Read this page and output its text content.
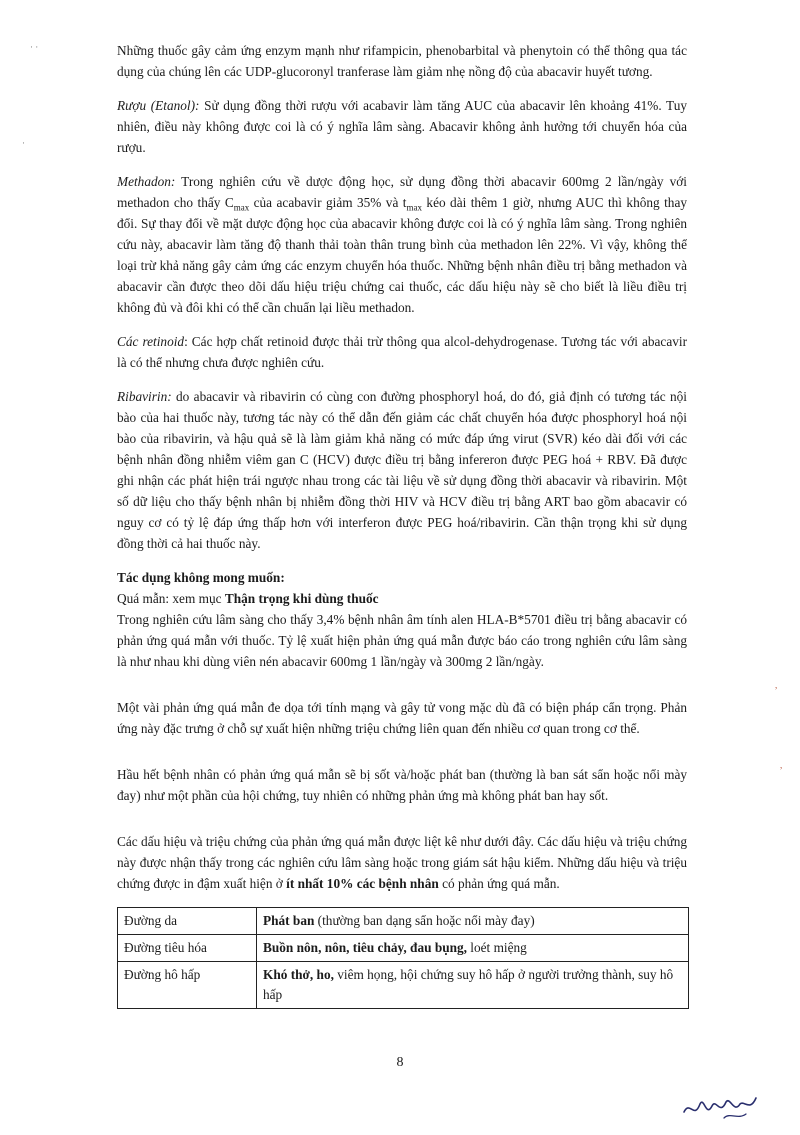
Những thuốc gây cảm ứng enzym mạnh như rifampicin, phenobarbital và phenytoin có thể thông qua tác dụng của chúng lên các UDP-glucoronyl tranferase làm giảm nhẹ nồng độ của abacavir huyết tương.

Rượu (Etanol): Sử dụng đồng thời rượu với acabavir làm tăng AUC của abacavir lên khoảng 41%. Tuy nhiên, điều này không được coi là có ý nghĩa lâm sàng. Abacavir không ảnh hưởng tới chuyển hóa của rượu.

Methadon: Trong nghiên cứu về dược động học, sử dụng đồng thời abacavir 600mg 2 lần/ngày với methadon cho thấy $C_{max}$ của acabavir giảm 35% và $t_{max}$ kéo dài thêm 1 giờ, nhưng AUC thì không thay đổi. Sự thay đổi về mặt dược động học của abacavir không được coi là có ý nghĩa lâm sàng. Trong nghiên cứu này, abacavir làm tăng độ thanh thải toàn thân trung bình của methadon lên 22%. Vì vậy, không thể loại trừ khả năng gây cảm ứng các enzym chuyển hóa thuốc. Những bệnh nhân điều trị bằng methadon và abacavir cần được theo dõi dấu hiệu triệu chứng cai thuốc, các dấu hiệu này sẽ cho biết là liều điều trị không đủ và đôi khi có thể cần chuẩn lại liều methadon.

Các retinoid: Các hợp chất retinoid được thải trừ thông qua alcol-dehydrogenase. Tương tác với abacavir là có thể nhưng chưa được nghiên cứu.

Ribavirin: do abacavir và ribavirin có cùng con đường phosphoryl hoá, do đó, giả định có tương tác nội bào của hai thuốc này, tương tác này có thể dẫn đến giảm các chất chuyển hóa được phosphoryl hoá nội bào của ribavirin, và hậu quả sẽ là làm giảm khả năng có mức đáp ứng virut (SVR) kéo dài đối với các bệnh nhân đồng nhiễm viêm gan C (HCV) được điều trị bằng infereron được PEG hoá + RBV. Đã được ghi nhận các phát hiện trái ngược nhau trong các tài liệu về sử dụng đồng thời abacavir và ribavirin. Một số dữ liệu cho thấy bệnh nhân bị nhiễm đồng thời HIV và HCV điều trị bằng ART bao gồm abacavir có nguy cơ có tỷ lệ đáp ứng thấp hơn với interferon được PEG hoá/ribavirin. Cần thận trọng khi sử dụng đồng thời cả hai thuốc này.

Tác dụng không mong muốn:
Quá mẫn: xem mục Thận trọng khi dùng thuốc

Trong nghiên cứu lâm sàng cho thấy 3,4% bệnh nhân âm tính alen HLA-B*5701 điều trị bằng abacavir có phản ứng quá mẫn với thuốc. Tỷ lệ xuất hiện phản ứng quá mẫn được báo cáo trong nghiên cứu lâm sàng là như nhau khi dùng viên nén abacavir 600mg 1 lần/ngày và 300mg 2 lần/ngày.

Một vài phản ứng quá mẫn đe dọa tới tính mạng và gây tử vong mặc dù đã có biện pháp cẩn trọng. Phản ứng này đặc trưng ở chỗ sự xuất hiện những triệu chứng liên quan đến nhiều cơ quan trong cơ thể.

Hầu hết bệnh nhân có phản ứng quá mẫn sẽ bị sốt và/hoặc phát ban (thường là ban sát sẩn hoặc nổi mày đay) như một phần của hội chứng, tuy nhiên có những phản ứng mà không phát ban hay sốt.

Các dấu hiệu và triệu chứng của phản ứng quá mẫn được liệt kê như dưới đây. Các dấu hiệu và triệu chứng này được nhận thấy trong các nghiên cứu lâm sàng hoặc trong giám sát hậu kiểm. Những dấu hiệu và triệu chứng được in đậm xuất hiện ở ít nhất 10% các bệnh nhân có phản ứng quá mẫn.

Đường da	Phát ban (thường ban dạng sẩn hoặc nổi mày đay)
Đường tiêu hóa	Buồn nôn, nôn, tiêu chảy, đau bụng, loét miệng
Đường hô hấp	Khó thở, ho, viêm họng, hội chứng suy hô hấp ở người trưởng thành, suy hô hấp
8
· ·
·
,
,
